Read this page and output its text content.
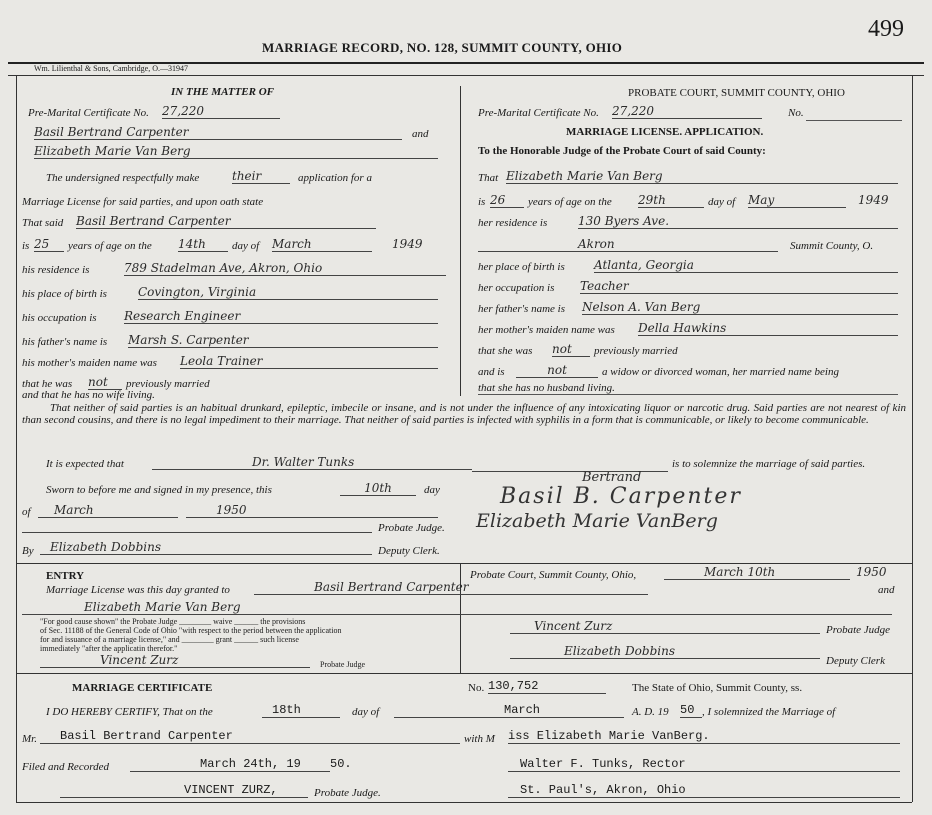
MARRIAGE RECORD, NO. 128, SUMMIT COUNTY, OHIO
499
Wm. Lilienthal & Sons, Cambridge, O.—31947
IN THE MATTER OF
Pre-Marital Certificate No. 27,220
Basil Bertrand Carpenter	and
Elizabeth Marie Van Berg
The undersigned respectfully make	their	application for a
Marriage License for said parties, and upon oath state
That said Basil Bertrand Carpenter
is 25	years of age on the 14th	day of March	1949
his residence is	789 Stadelman Ave, Akron, Ohio
his place of birth is	Covington, Virginia
his occupation is Research Engineer
his father's name is Marsh S. Carpenter
his mother's maiden name was Leola Trainer
that he was not	previously married
and that he has no wife living.
PROBATE COURT, SUMMIT COUNTY, OHIO
Pre-Marital Certificate No. 27,220	No.
MARRIAGE LICENSE. APPLICATION.
To the Honorable Judge of the Probate Court of said County:
That Elizabeth Marie Van Berg
is 26	years of age on the 29th	day of May	1949
her residence is	130 Byers Ave.
Akron	Summit County, O.
her place of birth is Atlanta, Georgia
her occupation is Teacher
her father's name is Nelson A. Van Berg
her mother's maiden name was Della Hawkins
that she was not	previously married
and is	not	a widow or divorced woman, her married name being
that she has no husband living.
That neither of said parties is an habitual drunkard, epileptic, imbecile or insane, and is not under the influence of any intoxicating liquor or narcotic drug. Said parties are not nearest of kin than second cousins, and there is no legal impediment to their marriage. That neither of said parties is infected with syphilis in a form that is communicable, or likely to become communicable.
It is expected that	Dr. Walter Tunks	is to solemnize the marriage of said parties.
Sworn to before me and signed in my presence, this	10th	day
of	March	1950
Probate Judge.
By	Elizabeth Dobbins	Deputy Clerk.
Bertrand
Basil B. Carpenter
Elizabeth Marie VanBerg
ENTRY
Marriage License was this day granted to	Basil Bertrand Carpenter
Elizabeth Marie Van Berg
and
"For good cause shown" the Probate Judge ________ waive ______ the provisions
of Sec. 11188 of the General Code of Ohio "with respect to the period between the application
for and issuance of a marriage license," and ________ grant ______ such license
immediately "after the applicatin therefor."
Vincent Zurz	Probate Judge
Probate Court, Summit County, Ohio,	March 10th	1950
Vincent Zurz	Probate Judge
Elizabeth Dobbins
Deputy Clerk
MARRIAGE CERTIFICATE	No. 130,752	The State of Ohio, Summit County, ss.
I DO HEREBY CERTIFY, That on the	18th	day of	March	A. D. 19 50 , I solemnized the Marriage of
Mr.	Basil Bertrand Carpenter	with M iss Elizabeth Marie VanBerg.
Filed and Recorded	March 24th, 19	50.	Walter F. Tunks, Rector
VINCENT ZURZ,	Probate Judge.	St. Paul's, Akron, Ohio
